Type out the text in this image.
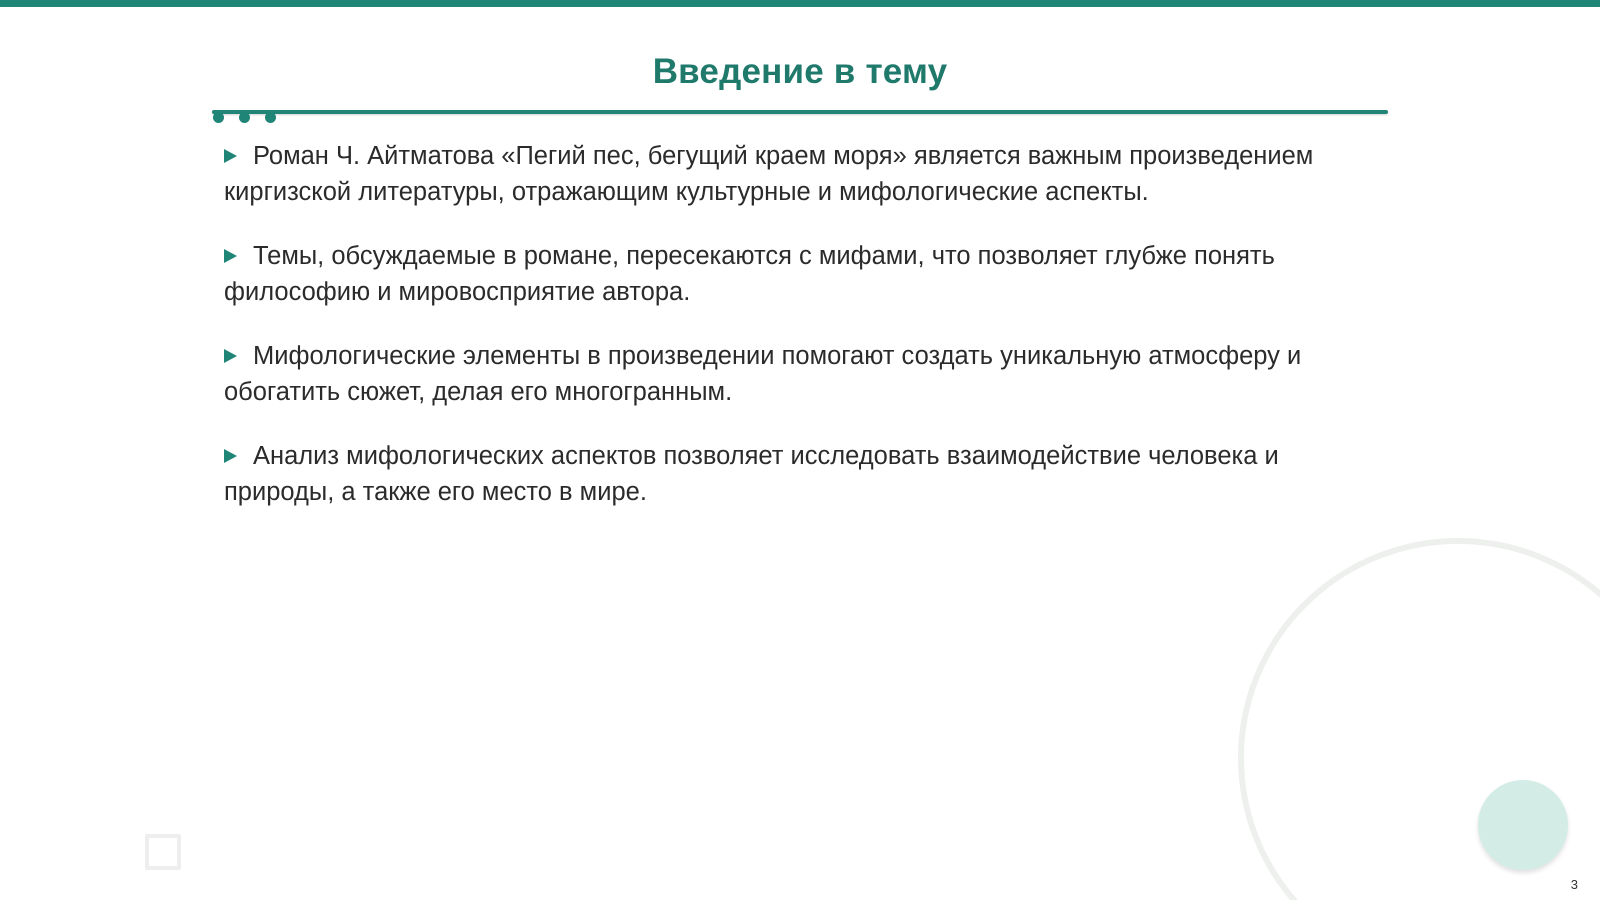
Введение в тему
Роман Ч. Айтматова «Пегий пес, бегущий краем моря» является важным произведением киргизской литературы, отражающим культурные и мифологические аспекты.
Темы, обсуждаемые в романе, пересекаются с мифами, что позволяет глубже понять философию и мировосприятие автора.
Мифологические элементы в произведении помогают создать уникальную атмосферу и обогатить сюжет, делая его многогранным.
Анализ мифологических аспектов позволяет исследовать взаимодействие человека и природы, а также его место в мире.
3
